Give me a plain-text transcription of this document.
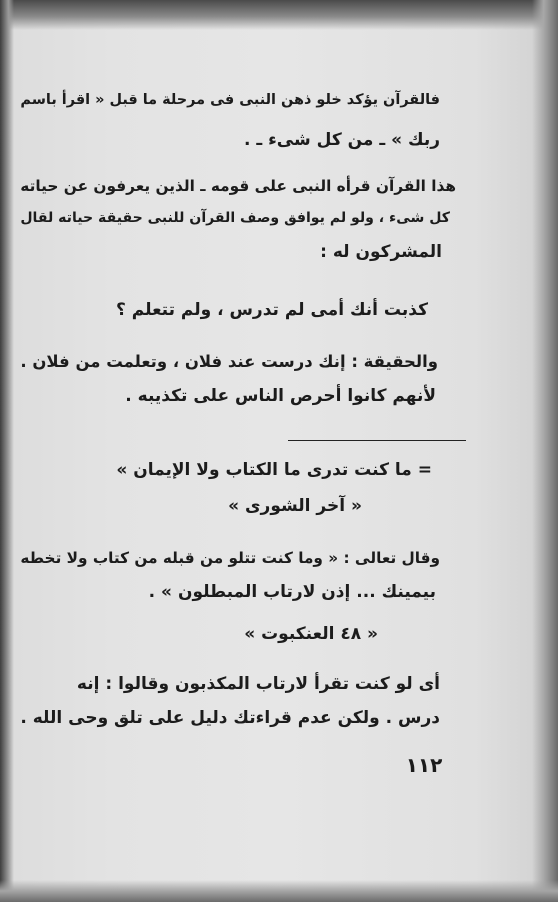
فالقرآن يؤكد خلو ذهن النبى فى مرحلة ما قبل « اقرأ باسم
ربك » ـ من كل شىء ـ .
هذا القرآن قرأه النبى على قومه ـ الذين يعرفون عن حياته
كل شىء ، ولو لم يوافق وصف القرآن للنبى حقيقة حياته لقال
المشركون له :
كذبت أنك أمى لم تدرس ، ولم تتعلم ؟
والحقيقة : إنك درست عند فلان ، وتعلمت من فلان .
لأنهم كانوا أحرص الناس على تكذيبه .
= ما كنت تدرى ما الكتاب ولا الإيمان »
« آخر الشورى »
وقال تعالى : « وما كنت تتلو من قبله من كتاب ولا تخطه
بيمينك ... إذن لارتاب المبطلون » .
« ٤٨ العنكبوت »
أى لو كنت تقرأ لارتاب المكذبون وقالوا : إنه
درس . ولكن عدم قراءتك دليل على تلق وحى الله .
١١٢
